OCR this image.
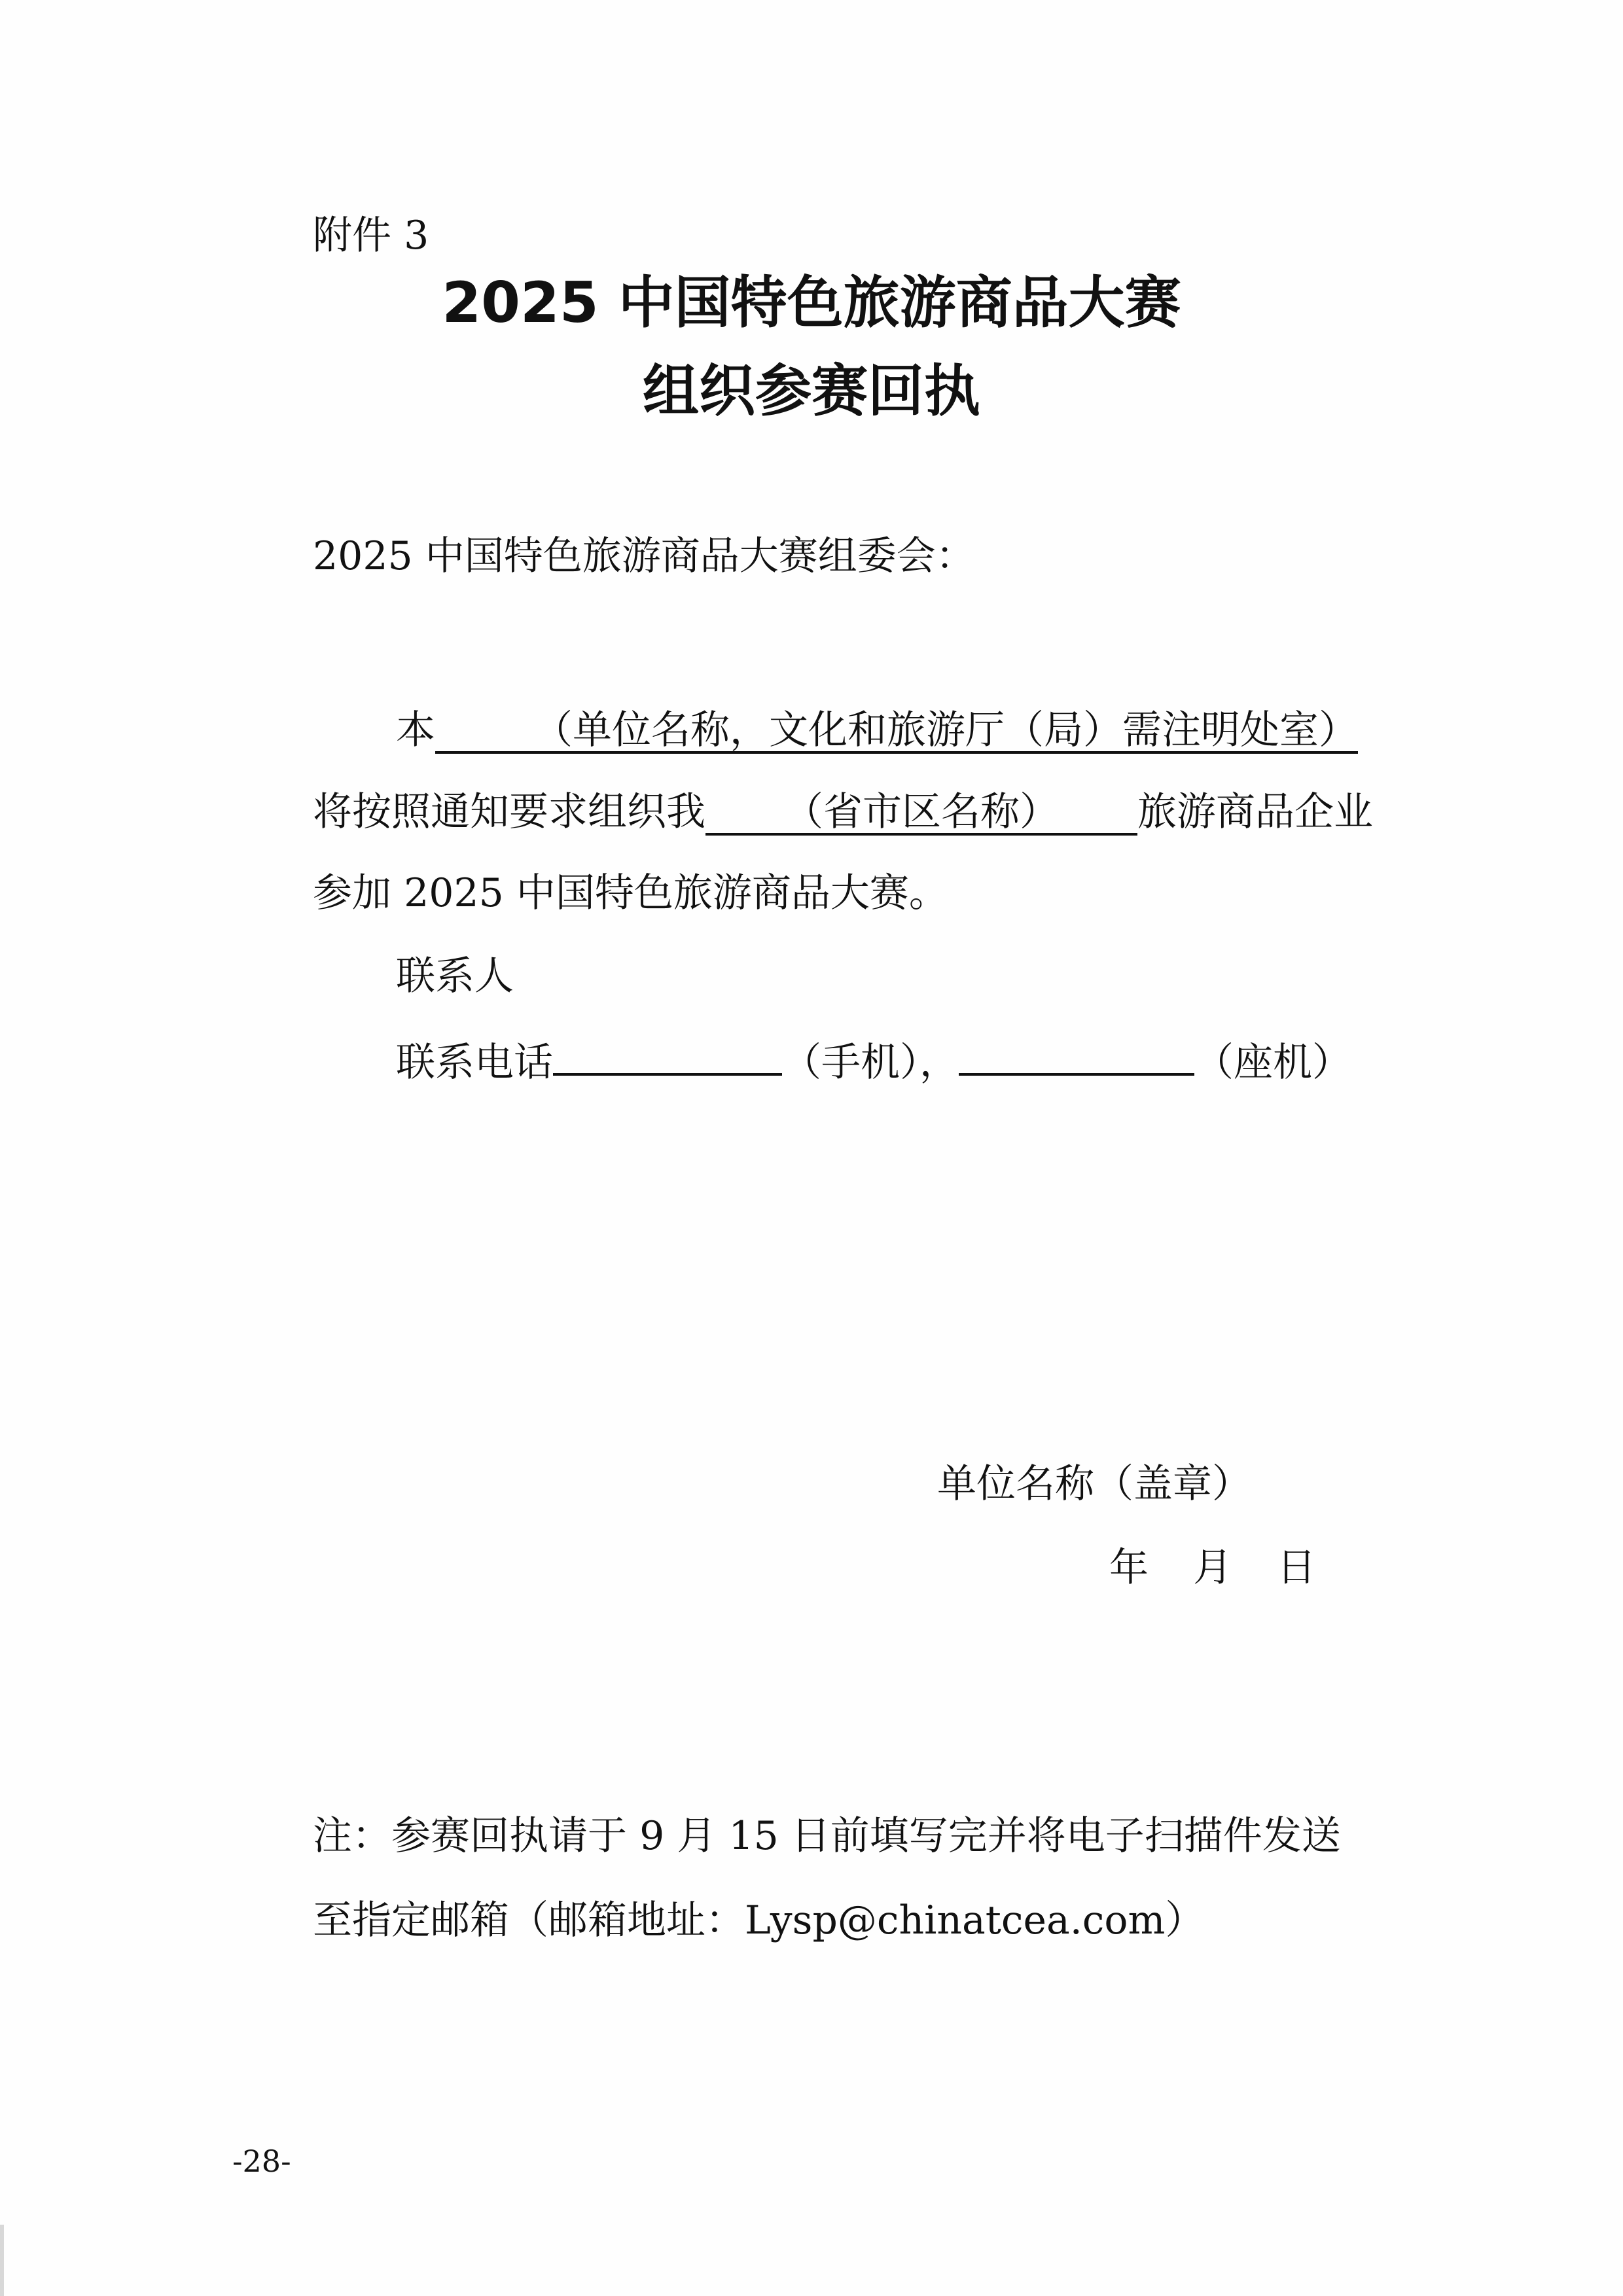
附件 3
2025 中国特色旅游商品大赛
组织参赛回执
2025 中国特色旅游商品大赛组委会：
本	（单位名称，文化和旅游厅（局）需注明处室）
将按照通知要求组织我 （省市区名称） 旅游商品企业
参加 2025 中国特色旅游商品大赛。
联系人
联系电话	（手机），	（座机）
单位名称（盖章）
年 月 日
注：参赛回执请于 9 月 15 日前填写完并将电子扫描件发送
至指定邮箱（邮箱地址：Lysp@chinatcea.com）
-28-
